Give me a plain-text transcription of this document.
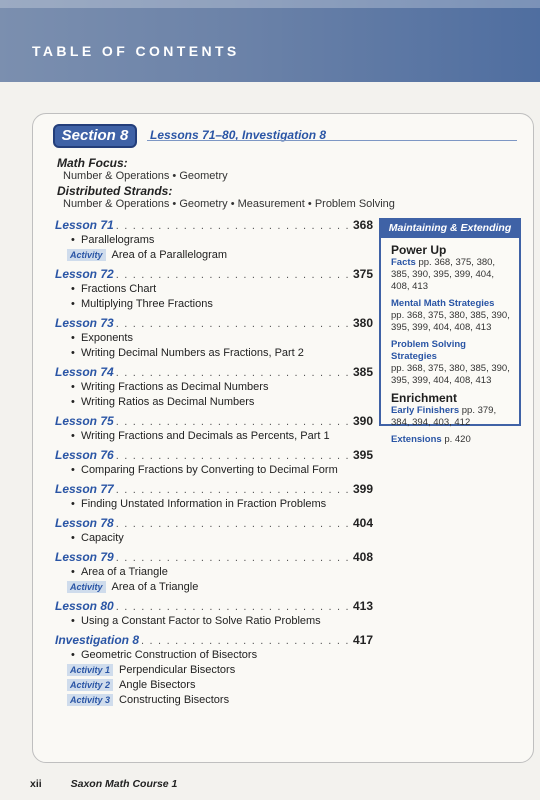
TABLE OF CONTENTS
Section 8	Lessons 71–80, Investigation 8
Math Focus:
Number & Operations • Geometry
Distributed Strands:
Number & Operations • Geometry • Measurement • Problem Solving
Lesson 71 . . .	368
• Parallelograms
Activity Area of a Parallelogram
Lesson 72 . . .	375
• Fractions Chart
• Multiplying Three Fractions
Lesson 73 . . .	380
• Exponents
• Writing Decimal Numbers as Fractions, Part 2
Lesson 74 . . .	385
• Writing Fractions as Decimal Numbers
• Writing Ratios as Decimal Numbers
Lesson 75 . . .	390
• Writing Fractions and Decimals as Percents, Part 1
Lesson 76 . . .	395
• Comparing Fractions by Converting to Decimal Form
Lesson 77 . . .	399
• Finding Unstated Information in Fraction Problems
Lesson 78 . . .	404
• Capacity
Lesson 79 . . .	408
• Area of a Triangle
Activity Area of a Triangle
Lesson 80 . . .	413
• Using a Constant Factor to Solve Ratio Problems
Investigation 8 . . .	417
• Geometric Construction of Bisectors
Activity 1 Perpendicular Bisectors
Activity 2 Angle Bisectors
Activity 3 Constructing Bisectors
Maintaining & Extending
Power Up
Facts pp. 368, 375, 380, 385, 390, 395, 399, 404, 408, 413
Mental Math Strategies
pp. 368, 375, 380, 385, 390, 395, 399, 404, 408, 413
Problem Solving Strategies
pp. 368, 375, 380, 385, 390, 395, 399, 404, 408, 413
Enrichment
Early Finishers pp. 379, 384, 394, 403, 412
Extensions p. 420
xii	Saxon Math Course 1
